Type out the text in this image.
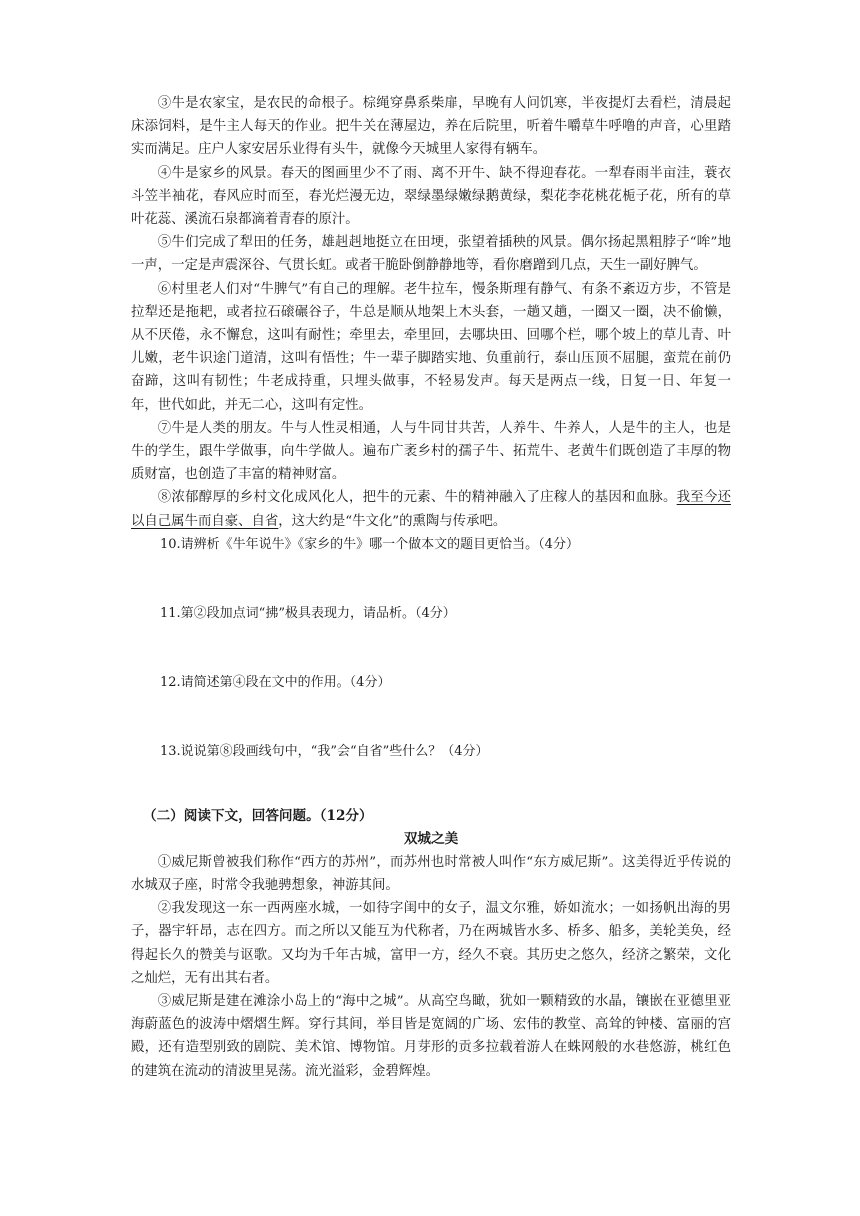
③牛是农家宝，是农民的命根子。棕绳穿鼻系柴扉，早晚有人问饥寒，半夜提灯去看栏，清晨起床添饲料，是牛主人每天的作业。把牛关在薄屋边，养在后院里，听着牛嚼草牛呼噜的声音，心里踏实而满足。庄户人家安居乐业得有头牛，就像今天城里人家得有辆车。

④牛是家乡的风景。春天的图画里少不了雨、离不开牛、缺不得迎春花。一犁春雨半亩洼，蓑衣斗笠半袖花，春风应时而至，春光烂漫无边，翠绿墨绿嫩绿鹅黄绿，梨花李花桃花栀子花，所有的草叶花蕊、溪流石泉都滴着青春的原汁。

⑤牛们完成了犁田的任务，雄赳赳地挺立在田埂，张望着插秧的风景。偶尔扬起黑粗脖子“哞”地一声，一定是声震深谷、气贯长虹。或者干脆卧倒静静地等，看你磨蹭到几点，天生一副好脾气。

⑥村里老人们对“牛脾气”有自己的理解。老牛拉车，慢条斯理有静气、有条不紊迈方步，不管是拉犁还是拖耙，或者拉石磙碾谷子，牛总是顺从地架上木头套，一趟又趟，一圈又一圈，决不偷懒，从不厌倦，永不懈怠，这叫有耐性；牵里去，牵里回，去哪块田、回哪个栏，哪个坡上的草儿青、叶儿嫩，老牛识途门道清，这叫有悟性；牛一辈子脚踏实地、负重前行，泰山压顶不屈腿，蛮荒在前仍奋蹄，这叫有韧性；牛老成持重，只埋头做事，不轻易发声。每天是两点一线，日复一日、年复一年，世代如此，并无二心，这叫有定性。

⑦牛是人类的朋友。牛与人性灵相通，人与牛同甘共苦，人养牛、牛养人，人是牛的主人，也是牛的学生，跟牛学做事，向牛学做人。遍布广袤乡村的孺子牛、拓荒牛、老黄牛们既创造了丰厚的物质财富，也创造了丰富的精神财富。

⑧浓郁醇厚的乡村文化成风化人，把牛的元素、牛的精神融入了庄稼人的基因和血脉。我至今还以自己属牛而自豪、自省，这大约是“牛文化”的熏陶与传承吧。

10.请辨析《牛年说牛》《家乡的牛》哪一个做本文的题目更恰当。（4分）

11.第②段加点词“拂”极具表现力，请品析。（4分）

12.请简述第④段在文中的作用。（4分）

13.说说第⑧段画线句中，“我”会“自省”些什么？（4分）

（二）阅读下文，回答问题。（12分）

双城之美

①威尼斯曾被我们称作“西方的苏州”，而苏州也时常被人叫作“东方威尼斯”。这美得近乎传说的水城双子座，时常令我驰骋想象，神游其间。

②我发现这一东一西两座水城，一如待字闺中的女子，温文尔雅，娇如流水；一如扬帆出海的男子，器宇轩昂，志在四方。而之所以又能互为代称者，乃在两城皆水多、桥多、船多，美轮美奂，经得起长久的赞美与讴歌。又均为千年古城，富甲一方，经久不衰。其历史之悠久，经济之繁荣，文化之灿烂，无有出其右者。

③威尼斯是建在滩涂小岛上的“海中之城”。从高空鸟瞰，犹如一颗精致的水晶，镶嵌在亚德里亚海蔚蓝色的波涛中熠熠生辉。穿行其间，举目皆是宽阔的广场、宏伟的教堂、高耸的钟楼、富丽的宫殿，还有造型别致的剧院、美术馆、博物馆。月芽形的贡多拉载着游人在蛛网般的水巷悠游，桃红色的建筑在流动的清波里晃荡。流光溢彩，金碧辉煌。
